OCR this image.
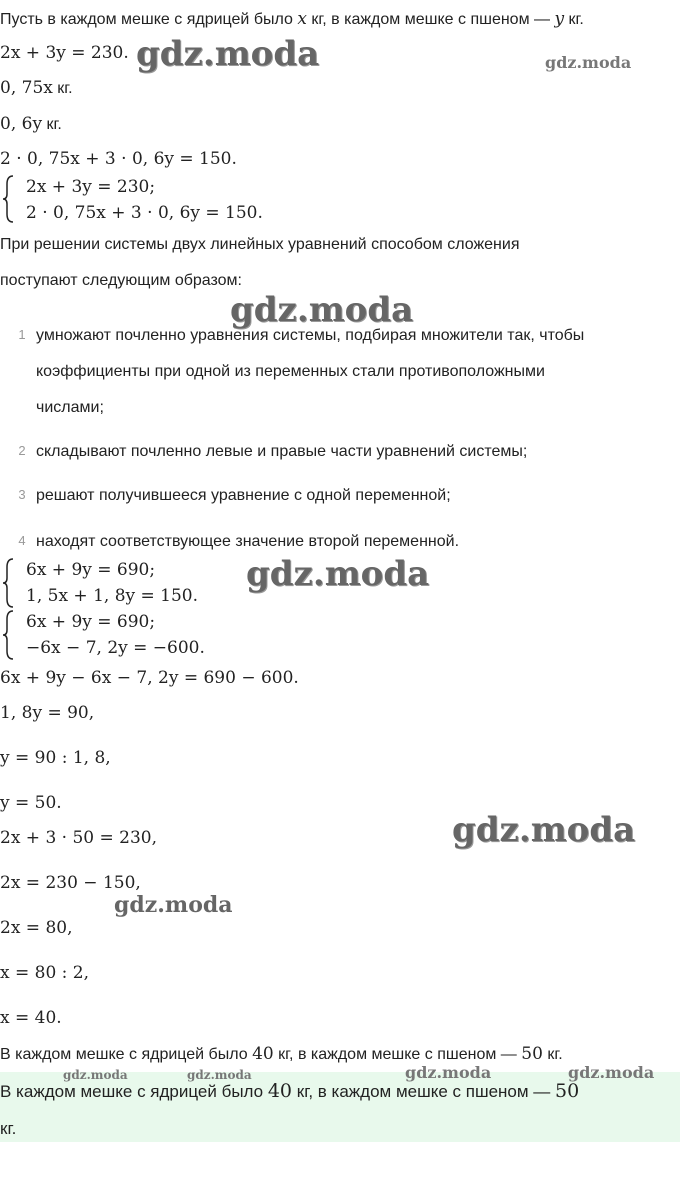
Пусть в каждом мешке с ядрицей было x кг, в каждом мешке с пшеном — y кг.
2x + 3y = 230.
0, 75x кг.
0, 6y кг.
2 · 0, 75x + 3 · 0, 6y = 150.
2x + 3y = 230;
2 · 0, 75x + 3 · 0, 6y = 150.
При решении системы двух линейных уравнений способом сложения
поступают следующим образом:
1 умножают почленно уравнения системы, подбирая множители так, чтобы
коэффициенты при одной из переменных стали противоположными
числами;
2 складывают почленно левые и правые части уравнений системы;
3 решают получившееся уравнение с одной переменной;
4 находят соответствующее значение второй переменной.
6x + 9y = 690;
1, 5x + 1, 8y = 150.
6x + 9y = 690;
−6x − 7, 2y = −600.
6x + 9y − 6x − 7, 2y = 690 − 600.
1, 8y = 90,
y = 90 : 1, 8,
y = 50.
2x + 3 · 50 = 230,
2x = 230 − 150,
2x = 80,
x = 80 : 2,
x = 40.
В каждом мешке с ядрицей было 40 кг, в каждом мешке с пшеном — 50 кг.
В каждом мешке с ядрицей было 40 кг, в каждом мешке с пшеном — 50
кг.
gdz.moda	gdz.moda
gdz.moda
gdz.moda
gdz.moda
gdz.moda
gdz.moda	gdz.moda	gdz.moda	gdz.moda
